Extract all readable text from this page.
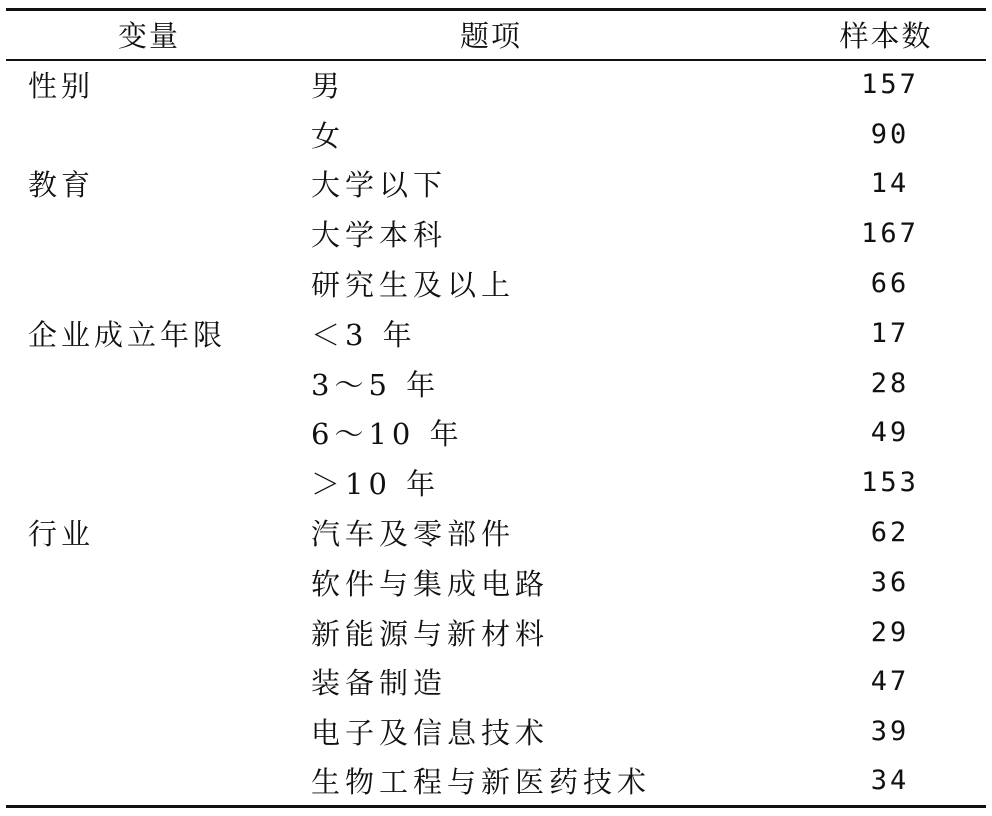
变量	题项	样本数
性别	男	157
	女	90
教育	大学以下	14
	大学本科	167
	研究生及以上	66
企业成立年限	＜3 年	17
	3～5 年	28
	6～10 年	49
	＞10 年	153
行业	汽车及零部件	62
	软件与集成电路	36
	新能源与新材料	29
	装备制造	47
	电子及信息技术	39
	生物工程与新医药技术	34
